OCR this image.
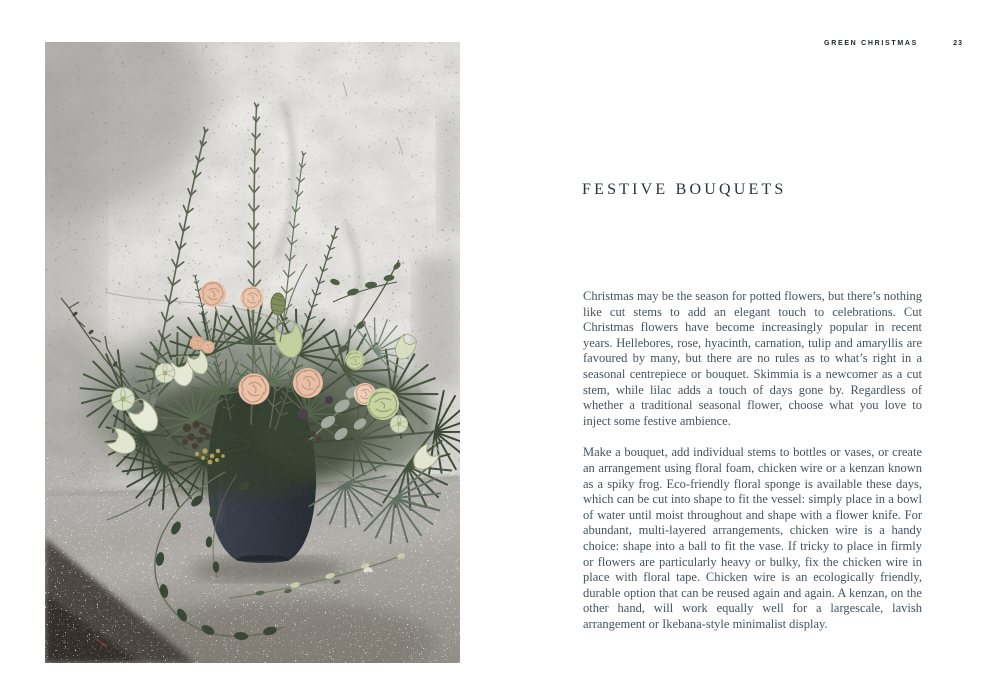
GREEN CHRISTMAS	23
FESTIVE BOUQUETS

Christmas may be the season for potted flowers, but there’s nothing like cut stems to add an elegant touch to celebrations. Cut Christmas flowers have become increasingly popular in recent years. Hellebores, rose, hyacinth, carnation, tulip and amaryllis are favoured by many, but there are no rules as to what’s right in a seasonal centrepiece or bouquet. Skimmia is a newcomer as a cut stem, while lilac adds a touch of days gone by. Regardless of whether a traditional seasonal flower, choose what you love to inject some festive ambience.

Make a bouquet, add individual stems to bottles or vases, or create an arrangement using floral foam, chicken wire or a kenzan known as a spiky frog. Eco-friendly floral sponge is available these days, which can be cut into shape to fit the vessel: simply place in a bowl of water until moist throughout and shape with a flower knife. For abundant, multi-layered arrangements, chicken wire is a handy choice: shape into a ball to fit the vase. If tricky to place in firmly or flowers are particularly heavy or bulky, fix the chicken wire in place with floral tape. Chicken wire is an ecologically friendly, durable option that can be reused again and again. A kenzan, on the other hand, will work equally well for a largescale, lavish arrangement or Ikebana-style minimalist display.
